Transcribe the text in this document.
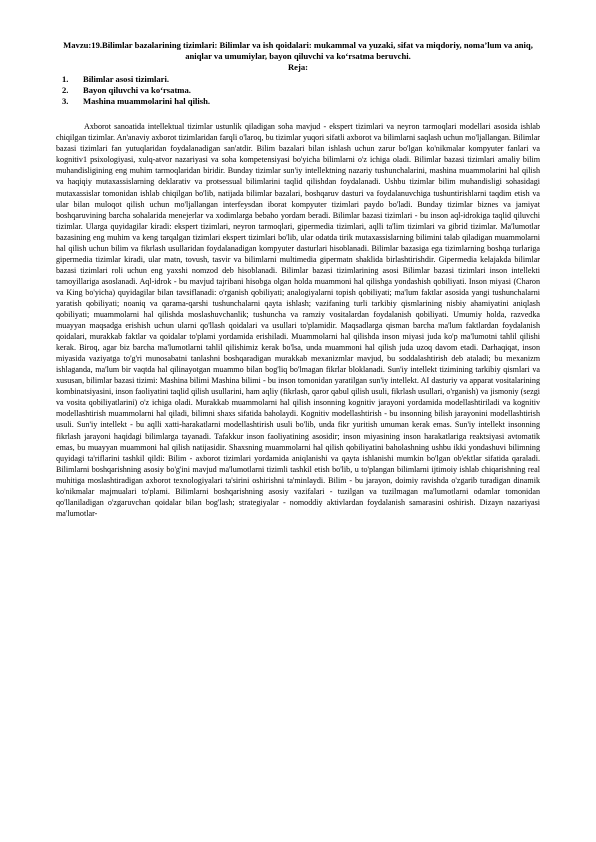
Mavzu:19.Bilimlar bazalarining tizimlari: Bilimlar va ish qoidalari: mukammal va yuzaki, sifat va miqdoriy, noma’lum va aniq, aniqlar va umumiylar, bayon qiluvchi va ko‘rsatma beruvchi.

Reja:

1.	Bilimlar asosi tizimlari.
2.	Bayon qiluvchi va ko‘rsatma.
3.	Mashina muammolarini hal qilish.

Axborot sanoatida intellektual tizimlar ustunlik qiladigan soha mavjud - ekspert tizimlari va neyron tarmoqlari modellari asosida ishlab chiqilgan tizimlar. An'anaviy axborot tizimlaridan farqli o'laroq, bu tizimlar yuqori sifatli axborot va bilimlarni saqlash uchun mo'ljallangan. Bilimlar bazasi tizimlari fan yutuqlaridan foydalanadigan san'atdir. Bilim bazalari bilan ishlash uchun zarur bo'lgan ko'nikmalar kompyuter fanlari va kognitiv1 psixologiyasi, xulq-atvor nazariyasi va soha kompetensiyasi bo'yicha bilimlarni o'z ichiga oladi. Bilimlar bazasi tizimlari amaliy bilim muhandisligining eng muhim tarmoqlaridan biridir. Bunday tizimlar sun'iy intellektning nazariy tushunchalarini, mashina muammolarini hal qilish va haqiqiy mutaxassislarning deklarativ va protsessual bilimlarini taqlid qilishdan foydalanadi. Ushbu tizimlar bilim muhandisligi sohasidagi mutaxassislar tomonidan ishlab chiqilgan bo'lib, natijada bilimlar bazalari, boshqaruv dasturi va foydalanuvchiga tushuntirishlarni taqdim etish va ular bilan muloqot qilish uchun mo'ljallangan interfeysdan iborat kompyuter tizimlari paydo bo'ladi. Bunday tizimlar biznes va jamiyat boshqaruvining barcha sohalarida menejerlar va xodimlarga bebaho yordam beradi. Bilimlar bazasi tizimlari - bu inson aql-idrokiga taqlid qiluvchi tizimlar. Ularga quyidagilar kiradi: ekspert tizimlari, neyron tarmoqlari, gipermedia tizimlari, aqlli ta'lim tizimlari va gibrid tizimlar. Ma'lumotlar bazasining eng muhim va keng tarqalgan tizimlari ekspert tizimlari bo'lib, ular odatda tirik mutaxassislarning bilimini talab qiladigan muammolarni hal qilish uchun bilim va fikrlash usullaridan foydalanadigan kompyuter dasturlari hisoblanadi. Bilimlar bazasiga ega tizimlarning boshqa turlariga gipermedia tizimlar kiradi, ular matn, tovush, tasvir va bilimlarni multimedia gipermatn shaklida birlashtirishdir. Gipermedia kelajakda bilimlar bazasi tizimlari roli uchun eng yaxshi nomzod deb hisoblanadi. Bilimlar bazasi tizimlarining asosi Bilimlar bazasi tizimlari inson intellekti tamoyillariga asoslanadi. Aql-idrok - bu mavjud tajribani hisobga olgan holda muammoni hal qilishga yondashish qobiliyati. Inson miyasi (Charon va King bo'yicha) quyidagilar bilan tavsiflanadi: o'rganish qobiliyati; analogiyalarni topish qobiliyati; ma'lum faktlar asosida yangi tushunchalarni yaratish qobiliyati; noaniq va qarama-qarshi tushunchalarni qayta ishlash; vazifaning turli tarkibiy qismlarining nisbiy ahamiyatini aniqlash qobiliyati; muammolarni hal qilishda moslashuvchanlik; tushuncha va ramziy vositalardan foydalanish qobiliyati. Umumiy holda, razvedka muayyan maqsadga erishish uchun ularni qo'llash qoidalari va usullari to'plamidir. Maqsadlarga qisman barcha ma'lum faktlardan foydalanish qoidalari, murakkab faktlar va qoidalar to'plami yordamida erishiladi. Muammolarni hal qilishda inson miyasi juda ko'p ma'lumotni tahlil qilishi kerak. Biroq, agar biz barcha ma'lumotlarni tahlil qilishimiz kerak bo'lsa, unda muammoni hal qilish juda uzoq davom etadi. Darhaqiqat, inson miyasida vaziyatga to'g'ri munosabatni tanlashni boshqaradigan murakkab mexanizmlar mavjud, bu soddalashtirish deb ataladi; bu mexanizm ishlaganda, ma'lum bir vaqtda hal qilinayotgan muammo bilan bog'liq bo'lmagan fikrlar bloklanadi. Sun'iy intellekt tizimining tarkibiy qismlari va xususan, bilimlar bazasi tizimi: Mashina bilimi Mashina bilimi - bu inson tomonidan yaratilgan sun'iy intellekt. AI dasturiy va apparat vositalarining kombinatsiyasini, inson faoliyatini taqlid qilish usullarini, ham aqliy (fikrlash, qaror qabul qilish usuli, fikrlash usullari, o'rganish) va jismoniy (sezgi va vosita qobiliyatlarini) o'z ichiga oladi. Murakkab muammolarni hal qilish insonning kognitiv jarayoni yordamida modellashtiriladi va kognitiv modellashtirish muammolarni hal qiladi, bilimni shaxs sifatida baholaydi. Kognitiv modellashtirish - bu insonning bilish jarayonini modellashtirish usuli. Sun'iy intellekt - bu aqlli xatti-harakatlarni modellashtirish usuli bo'lib, unda fikr yuritish umuman kerak emas. Sun'iy intellekt insonning fikrlash jarayoni haqidagi bilimlarga tayanadi. Tafakkur inson faoliyatining asosidir; inson miyasining inson harakatlariga reaktsiyasi avtomatik emas, bu muayyan muammoni hal qilish natijasidir. Shaxsning muammolarni hal qilish qobiliyatini baholashning ushbu ikki yondashuvi bilimning quyidagi ta'riflarini tashkil qildi: Bilim - axborot tizimlari yordamida aniqlanishi va qayta ishlanishi mumkin bo'lgan ob'ektlar sifatida qaraladi. Bilimlarni boshqarishning asosiy bo'g'ini mavjud ma'lumotlarni tizimli tashkil etish bo'lib, u to'plangan bilimlarni ijtimoiy ishlab chiqarishning real muhitiga moslashtiradigan axborot texnologiyalari ta'sirini oshirishni ta'minlaydi. Bilim - bu jarayon, doimiy ravishda o'zgarib turadigan dinamik ko'nikmalar majmualari to'plami. Bilimlarni boshqarishning asosiy vazifalari - tuzilgan va tuzilmagan ma'lumotlarni odamlar tomonidan qo'llaniladigan o'zgaruvchan qoidalar bilan bog'lash; strategiyalar - nomoddiy aktivlardan foydalanish samarasini oshirish. Dizayn nazariyasi ma'lumotlar-
